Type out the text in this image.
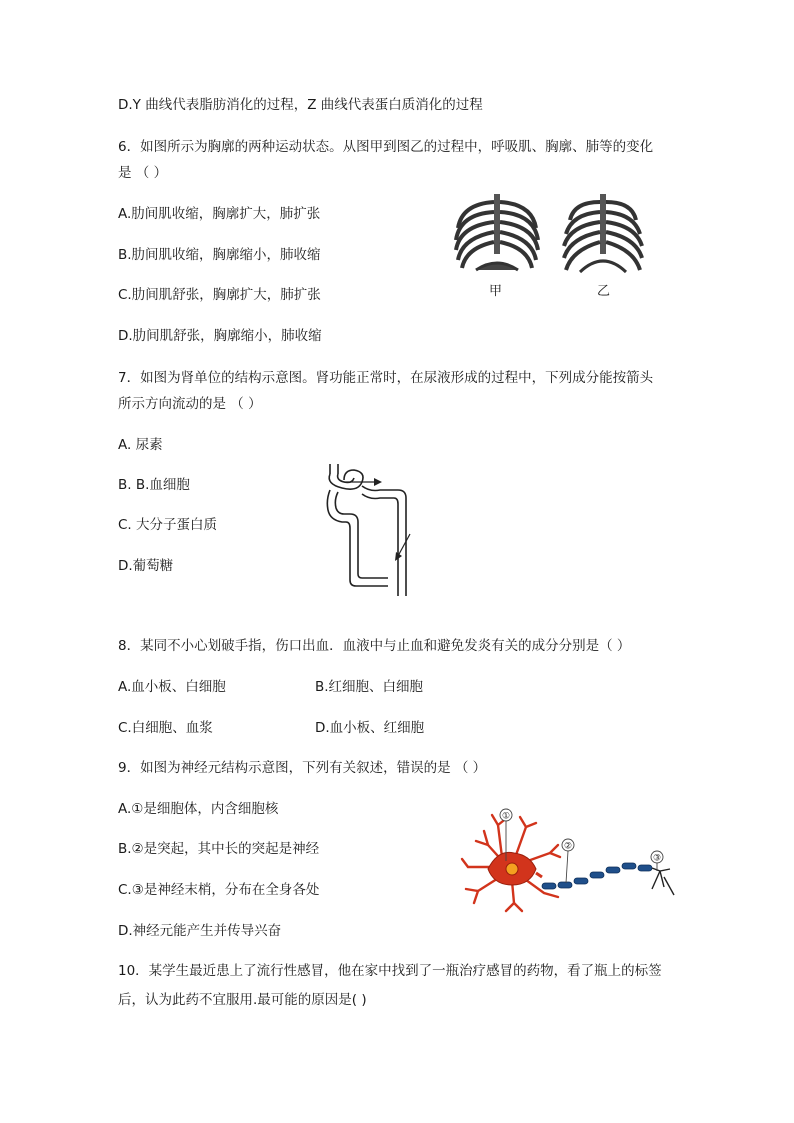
D.Y 曲线代表脂肪消化的过程，Z 曲线代表蛋白质消化的过程
6．如图所示为胸廓的两种运动状态。从图甲到图乙的过程中，呼吸肌、胸廓、肺等的变化
是 （ ）
A.肋间肌收缩，胸廓扩大，肺扩张
B.肋间肌收缩，胸廓缩小，肺收缩
C.肋间肌舒张，胸廓扩大，肺扩张
D.肋间肌舒张，胸廓缩小，肺收缩
甲	乙
7．如图为肾单位的结构示意图。肾功能正常时，在尿液形成的过程中，下列成分能按箭头
所示方向流动的是 （ ）
A. 尿素
B. B.血细胞
C. 大分子蛋白质
D.葡萄糖
8．某同不小心划破手指，伤口出血．血液中与止血和避免发炎有关的成分分别是（ ）
A.血小板、白细胞	B.红细胞、白细胞
C.白细胞、血浆	D.血小板、红细胞
9．如图为神经元结构示意图，下列有关叙述，错误的是 （ ）
A.①是细胞体，内含细胞核
B.②是突起，其中长的突起是神经
C.③是神经末梢，分布在全身各处
D.神经元能产生并传导兴奋
①
②
③
10．某学生最近患上了流行性感冒，他在家中找到了一瓶治疗感冒的药物，看了瓶上的标签
后，认为此药不宜服用.最可能的原因是( )
